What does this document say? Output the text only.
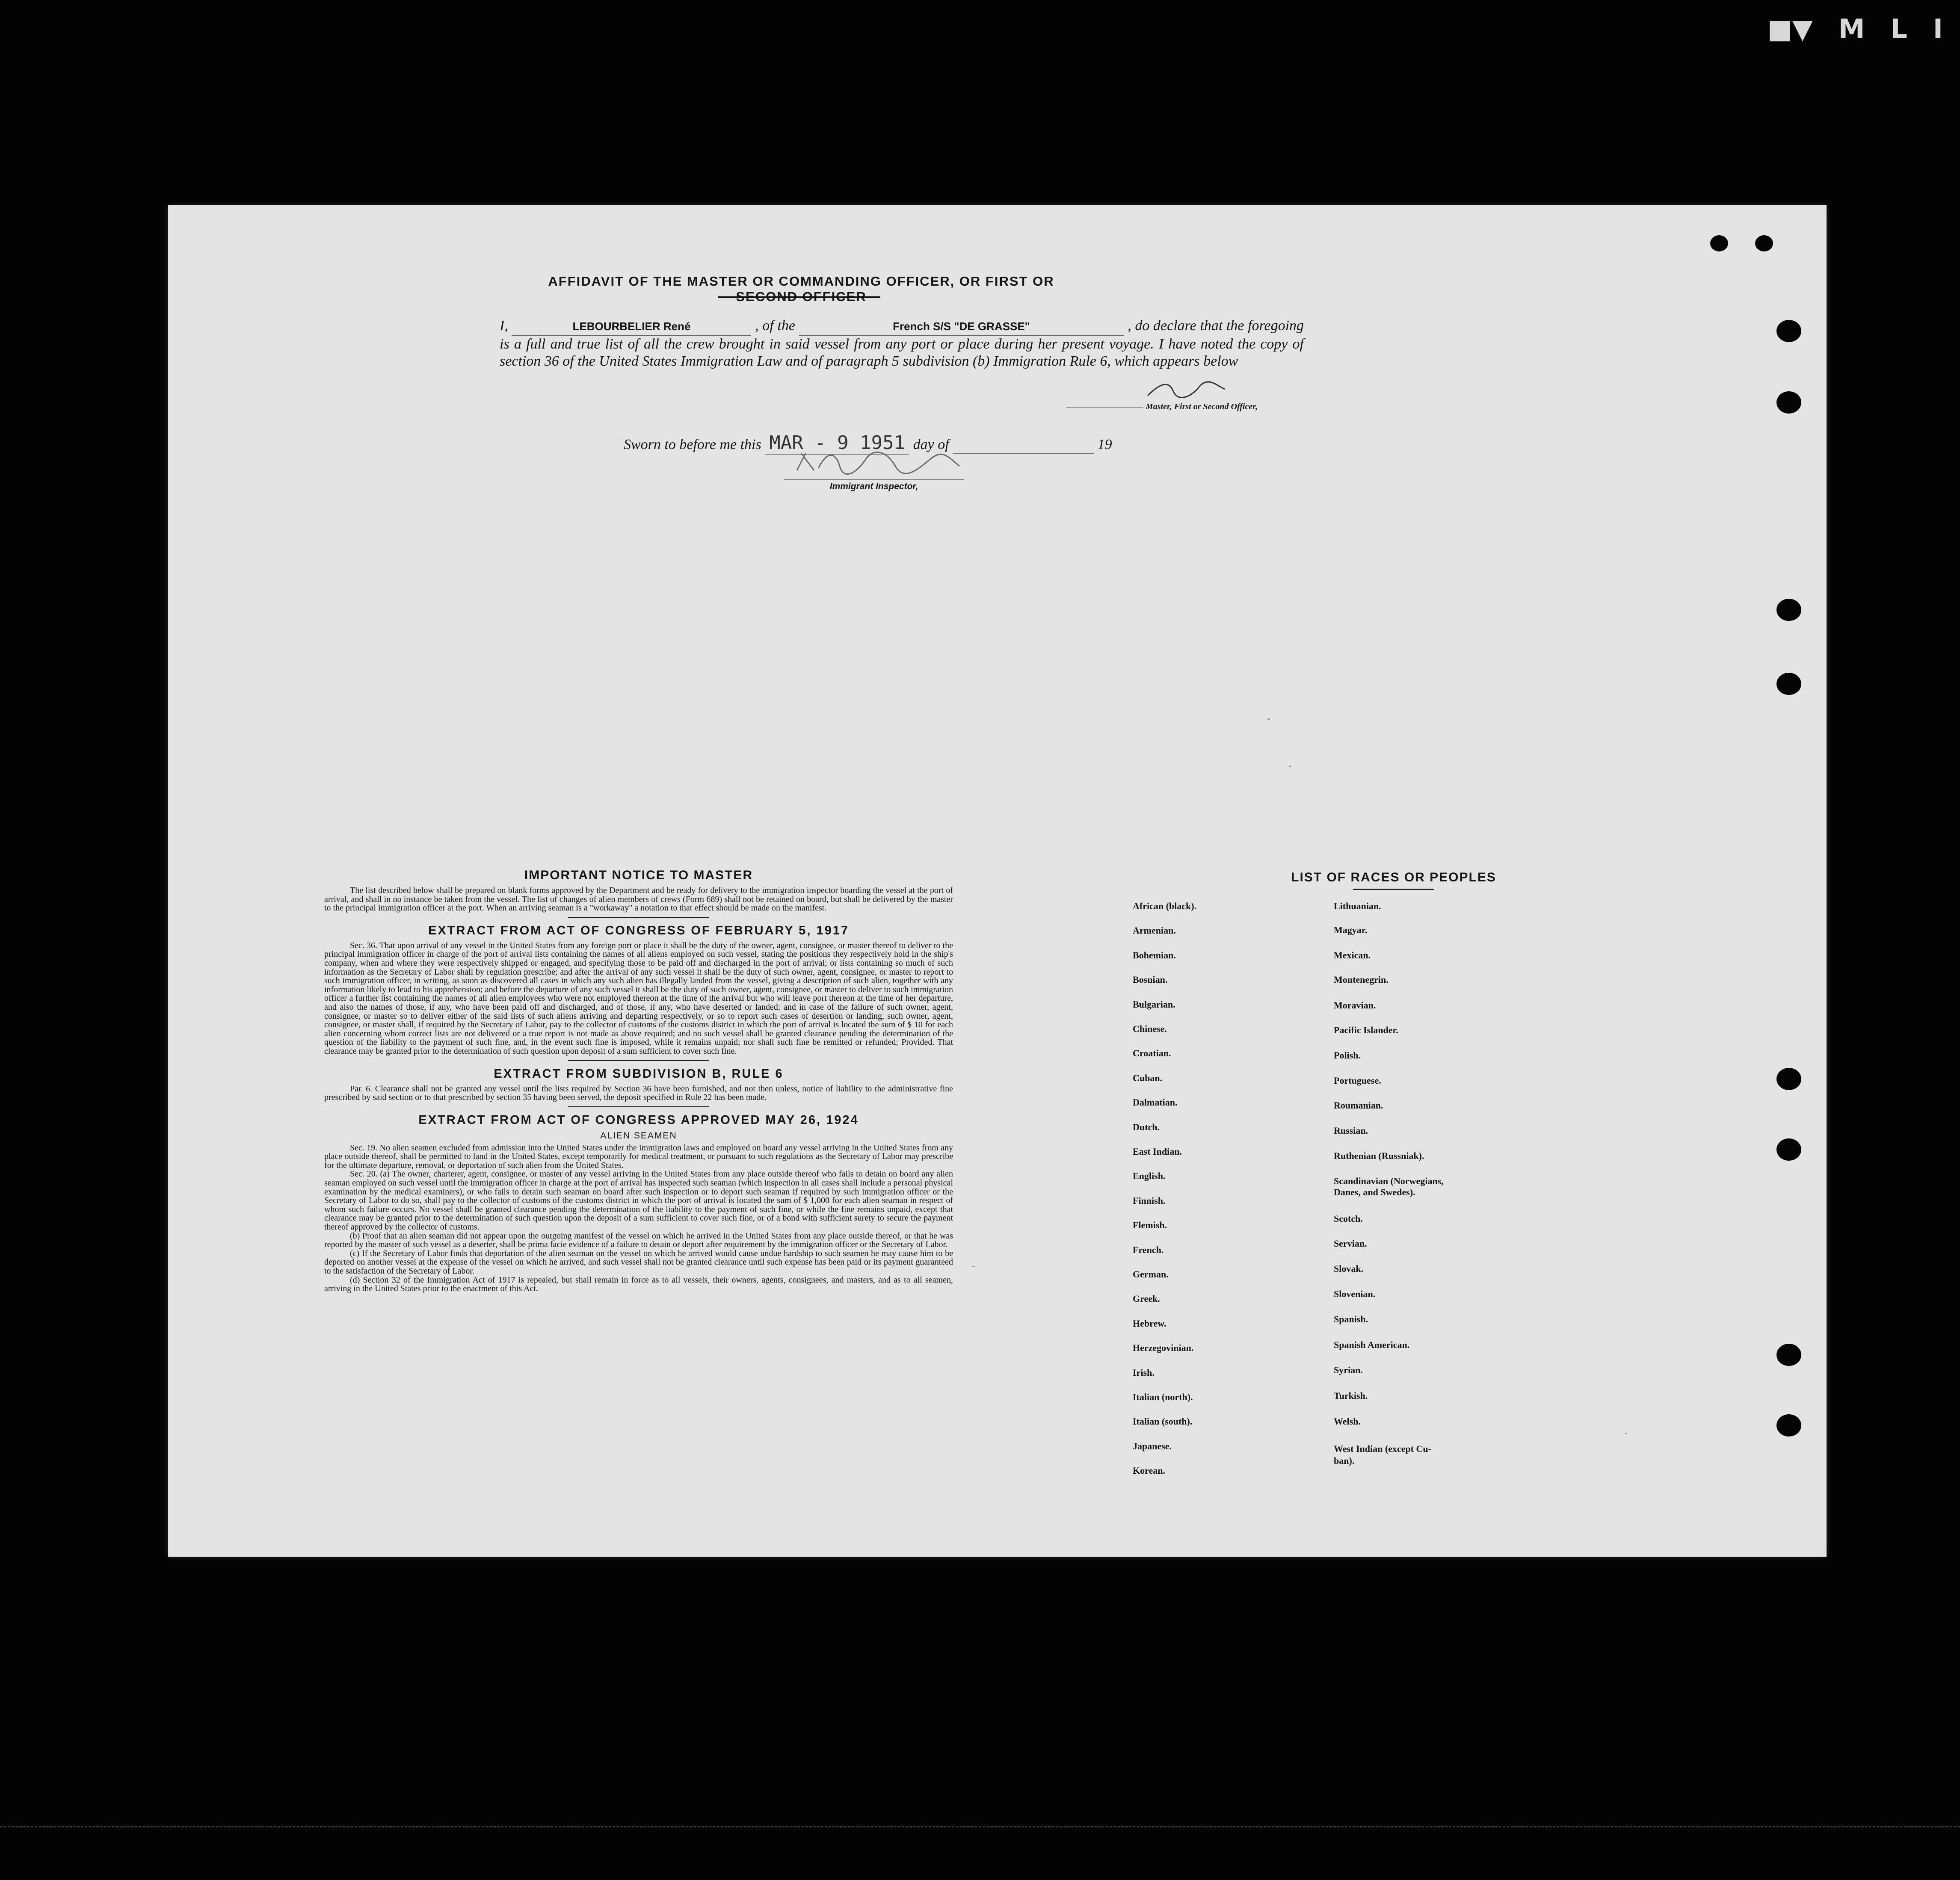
■▼ M L I
AFFIDAVIT OF THE MASTER OR COMMANDING OFFICER, OR FIRST OR SECOND OFFICER
I,	LEBOURBELIER René	, of the	French S/S "DE GRASSE"	, do declare that the foregoing is a full and true list of all the crew brought in said vessel from any port or place during her present voyage. I have noted the copy of section 36 of the United States Immigration Law and of paragraph 5 subdivision (b) Immigration Rule 6, which appears below
Master, First or Second Officer,
Sworn to before me this MAR - 9 1951 day of	19
Immigrant Inspector,
IMPORTANT NOTICE TO MASTER

The list described below shall be prepared on blank forms approved by the Department and be ready for delivery to the immigration inspector boarding the vessel at the port of arrival, and shall in no instance be taken from the vessel. The list of changes of alien members of crews (Form 689) shall not be retained on board, but shall be delivered by the master to the principal immigration officer at the port. When an arriving seaman is a "workaway" a notation to that effect should be made on the manifest.

EXTRACT FROM ACT OF CONGRESS OF FEBRUARY 5, 1917

Sec. 36. That upon arrival of any vessel in the United States from any foreign port or place it shall be the duty of the owner, agent, consignee, or master thereof to deliver to the principal immigration officer in charge of the port of arrival lists containing the names of all aliens employed on such vessel, stating the positions they respectively hold in the ship's company, when and where they were respectively shipped or engaged, and specifying those to be paid off and discharged in the port of arrival; or lists containing so much of such information as the Secretary of Labor shall by regulation prescribe; and after the arrival of any such vessel it shall be the duty of such owner, agent, consignee, or master to report to such immigration officer, in writing, as soon as discovered all cases in which any such alien has illegally landed from the vessel, giving a description of such alien, together with any information likely to lead to his apprehension; and before the departure of any such vessel it shall be the duty of such owner, agent, consignee, or master to deliver to such immigration officer a further list containing the names of all alien employees who were not employed thereon at the time of the arrival but who will leave port thereon at the time of her departure, and also the names of those, if any, who have been paid off and discharged, and of those, if any, who have deserted or landed; and in case of the failure of such owner, agent, consignee, or master so to deliver either of the said lists of such aliens arriving and departing respectively, or so to report such cases of desertion or landing, such owner, agent, consignee, or master shall, if required by the Secretary of Labor, pay to the collector of customs of the customs district in which the port of arrival is located the sum of $ 10 for each alien concerning whom correct lists are not delivered or a true report is not made as above required; and no such vessel shall be granted clearance pending the determination of the question of the liability to the payment of such fine, and, in the event such fine is imposed, while it remains unpaid; nor shall such fine be remitted or refunded; Provided. That clearance may be granted prior to the determination of such question upon deposit of a sum sufficient to cover such fine.

EXTRACT FROM SUBDIVISION B, RULE 6

Par. 6. Clearance shall not be granted any vessel until the lists required by Section 36 have been furnished, and not then unless, notice of liability to the administrative fine prescribed by said section or to that prescribed by section 35 having been served, the deposit specified in Rule 22 has been made.

EXTRACT FROM ACT OF CONGRESS APPROVED MAY 26, 1924
ALIEN SEAMEN

Sec. 19. No alien seamen excluded from admission into the United States under the immigration laws and employed on board any vessel arriving in the United States from any place outside thereof, shall be permitted to land in the United States, except temporarily for medical treatment, or pursuant to such regulations as the Secretary of Labor may prescribe for the ultimate departure, removal, or deportation of such alien from the United States.

Sec. 20. (a) The owner, charterer, agent, consignee, or master of any vessel arriving in the United States from any place outside thereof who fails to detain on board any alien seaman employed on such vessel until the immigration officer in charge at the port of arrival has inspected such seaman (which inspection in all cases shall include a personal physical examination by the medical examiners), or who fails to detain such seaman on board after such inspection or to deport such seaman if required by such immigration officer or the Secretary of Labor to do so, shall pay to the collector of customs of the customs district in which the port of arrival is located the sum of $ 1,000 for each alien seaman in respect of whom such failure occurs. No vessel shall be granted clearance pending the determination of the liability to the payment of such fine, or while the fine remains unpaid, except that clearance may be granted prior to the determination of such question upon the deposit of a sum sufficient to cover such fine, or of a bond with sufficient surety to secure the payment thereof approved by the collector of customs.

(b) Proof that an alien seaman did not appear upon the outgoing manifest of the vessel on which he arrived in the United States from any place outside thereof, or that he was reported by the master of such vessel as a deserter, shall be prima facie evidence of a failure to detain or deport after requirement by the immigration officer or the Secretary of Labor.

(c) If the Secretary of Labor finds that deportation of the alien seaman on the vessel on which he arrived would cause undue hardship to such seamen he may cause him to be deported on another vessel at the expense of the vessel on which he arrived, and such vessel shall not be granted clearance until such expense has been paid or its payment guaranteed to the satisfaction of the Secretary of Labor.

(d) Section 32 of the Immigration Act of 1917 is repealed, but shall remain in force as to all vessels, their owners, agents, consignees, and masters, and as to all seamen, arriving in the United States prior to the enactment of this Act.

LIST OF RACES OR PEOPLES
African (black).
Armenian.
Bohemian.
Bosnian.
Bulgarian.
Chinese.
Croatian.
Cuban.
Dalmatian.
Dutch.
East Indian.
English.
Finnish.
Flemish.
French.
German.
Greek.
Hebrew.
Herzegovinian.
Irish.
Italian (north).
Italian (south).
Japanese.
Korean.
Lithuanian.
Magyar.
Mexican.
Montenegrin.
Moravian.
Pacific Islander.
Polish.
Portuguese.
Roumanian.
Russian.
Ruthenian (Russniak).
Scandinavian (Norwegians,
Danes, and Swedes).
Scotch.
Servian.
Slovak.
Slovenian.
Spanish.
Spanish American.
Syrian.
Turkish.
Welsh.
West Indian (except Cu-
ban).
